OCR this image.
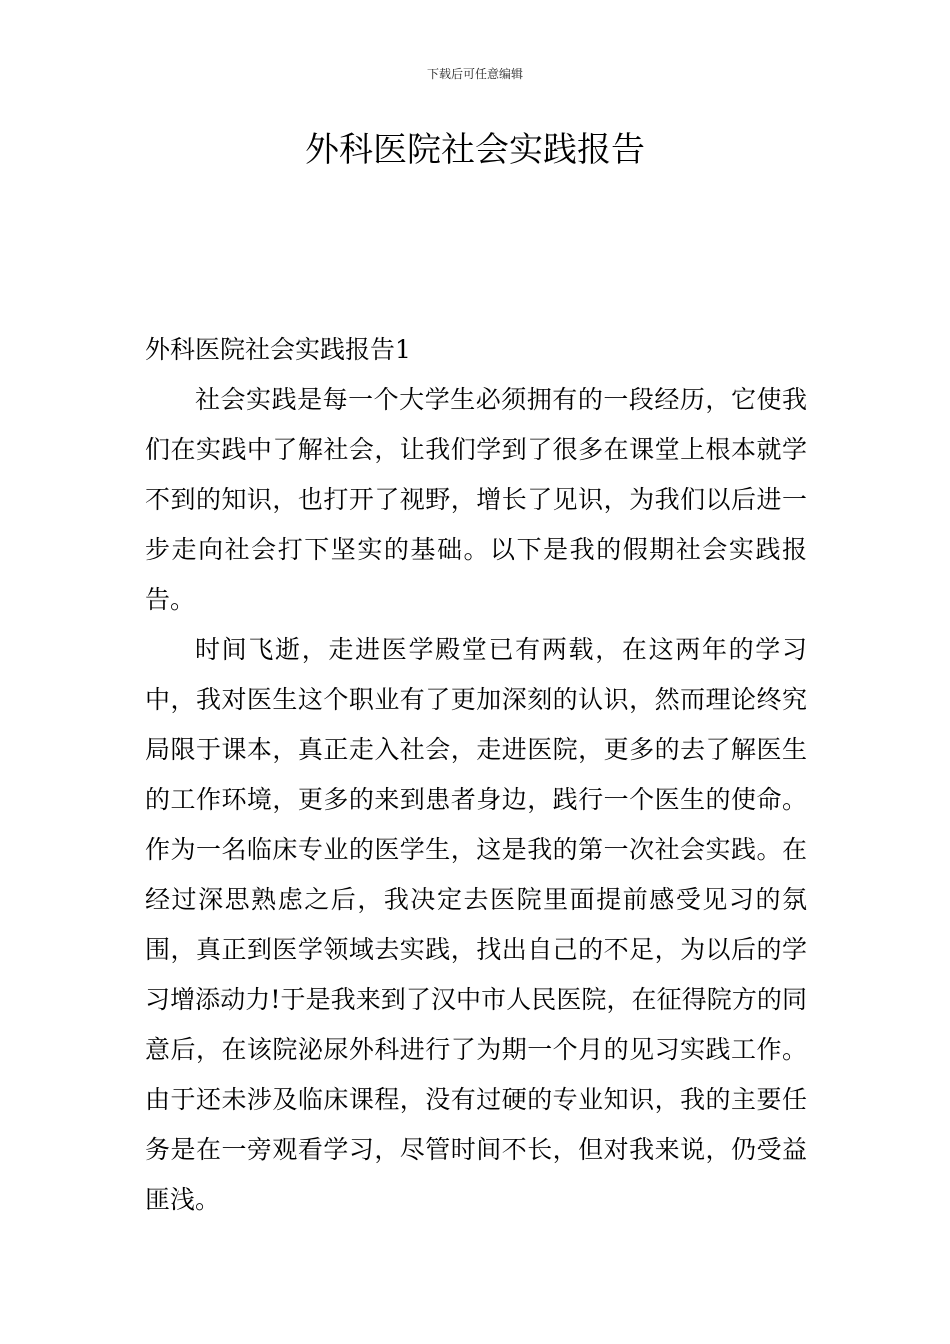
下载后可任意编辑
外科医院社会实践报告

外科医院社会实践报告1

社会实践是每一个大学生必须拥有的一段经历，它使我们在实践中了解社会，让我们学到了很多在课堂上根本就学不到的知识，也打开了视野，增长了见识，为我们以后进一步走向社会打下坚实的基础。以下是我的假期社会实践报告。

时间飞逝，走进医学殿堂已有两载，在这两年的学习中，我对医生这个职业有了更加深刻的认识，然而理论终究局限于课本，真正走入社会，走进医院，更多的去了解医生的工作环境，更多的来到患者身边，践行一个医生的使命。作为一名临床专业的医学生，这是我的第一次社会实践。在经过深思熟虑之后，我决定去医院里面提前感受见习的氛围，真正到医学领域去实践，找出自己的不足，为以后的学习增添动力!于是我来到了汉中市人民医院，在征得院方的同意后，在该院泌尿外科进行了为期一个月的见习实践工作。由于还未涉及临床课程，没有过硬的专业知识，我的主要任务是在一旁观看学习，尽管时间不长，但对我来说，仍受益匪浅。
